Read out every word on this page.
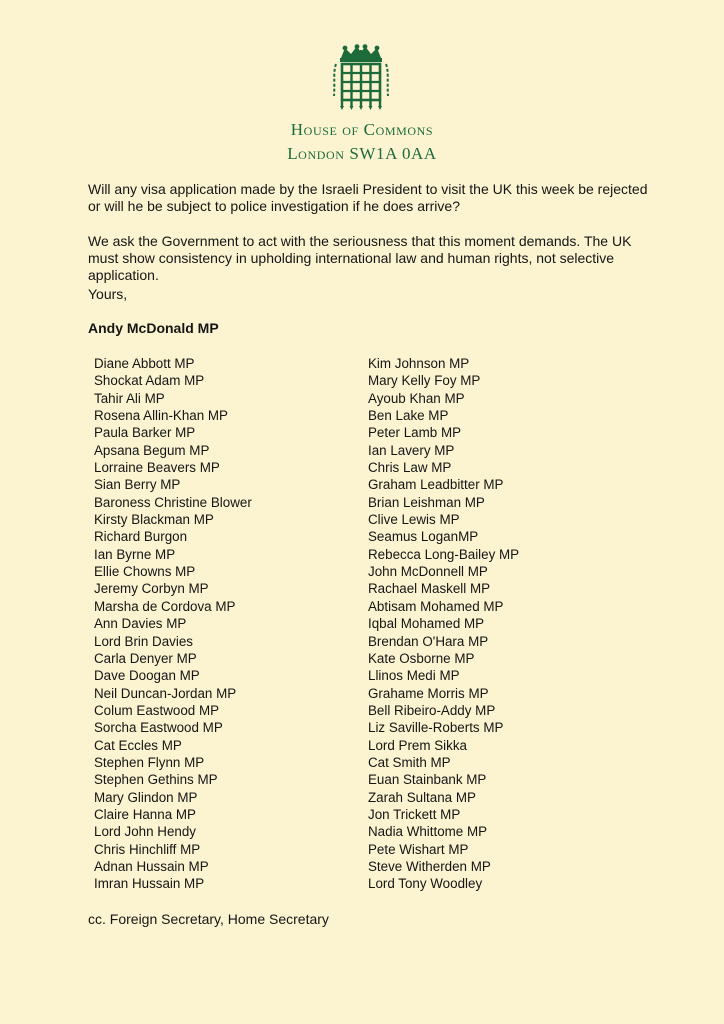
House of Commons
London SW1A 0AA

Will any visa application made by the Israeli President to visit the UK this week be rejected or will he be subject to police investigation if he does arrive?

We ask the Government to act with the seriousness that this moment demands. The UK must show consistency in upholding international law and human rights, not selective application.

Yours,
Andy McDonald MP
Diane Abbott MP
Shockat Adam MP
Tahir Ali MP
Rosena Allin-Khan MP
Paula Barker MP
Apsana Begum MP
Lorraine Beavers MP
Sian Berry MP
Baroness Christine Blower
Kirsty Blackman MP
Richard Burgon
Ian Byrne MP
Ellie Chowns MP
Jeremy Corbyn MP
Marsha de Cordova MP
Ann Davies MP
Lord Brin Davies
Carla Denyer MP
Dave Doogan MP
Neil Duncan-Jordan MP
Colum Eastwood MP
Sorcha Eastwood MP
Cat Eccles MP
Stephen Flynn MP
Stephen Gethins MP
Mary Glindon MP
Claire Hanna MP
Lord John Hendy
Chris Hinchliff MP
Adnan Hussain MP
Imran Hussain MP
Kim Johnson MP
Mary Kelly Foy MP
Ayoub Khan MP
Ben Lake MP
Peter Lamb MP
Ian Lavery MP
Chris Law MP
Graham Leadbitter MP
Brian Leishman MP
Clive Lewis MP
Seamus LoganMP
Rebecca Long-Bailey MP
John McDonnell MP
Rachael Maskell MP
Abtisam Mohamed MP
Iqbal Mohamed MP
Brendan O'Hara MP
Kate Osborne MP
Llinos Medi MP
Grahame Morris MP
Bell Ribeiro-Addy MP
Liz Saville-Roberts MP
Lord Prem Sikka
Cat Smith MP
Euan Stainbank MP
Zarah Sultana MP
Jon Trickett MP
Nadia Whittome MP
Pete Wishart MP
Steve Witherden MP
Lord Tony Woodley
cc. Foreign Secretary, Home Secretary
